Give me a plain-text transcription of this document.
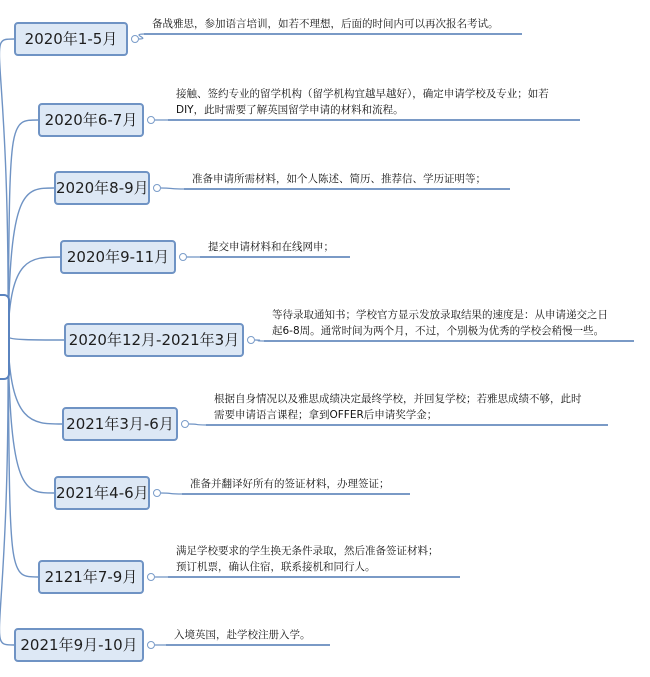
2020年1-5月
备战雅思，参加语言培训，如若不理想，后面的时间内可以再次报名考试。
2020年6-7月
接触、签约专业的留学机构（留学机构宜越早越好），确定申请学校及专业；如若
DIY，此时需要了解英国留学申请的材料和流程。
2020年8-9月	准备申请所需材料，如个人陈述、简历、推荐信、学历证明等；
2020年9-11月
提交申请材料和在线网申；
2020年12月-2021年3月
等待录取通知书；学校官方显示发放录取结果的速度是：从申请递交之日
起6-8周。通常时间为两个月，不过，个别极为优秀的学校会稍慢一些。
2021年3月-6月
根据自身情况以及雅思成绩决定最终学校，并回复学校；若雅思成绩不够，此时
需要申请语言课程；拿到OFFER后申请奖学金；
2021年4-6月	准备并翻译好所有的签证材料，办理签证；
2121年7-9月
满足学校要求的学生换无条件录取，然后准备签证材料；
预订机票，确认住宿，联系接机和同行人。
2021年9月-10月
入境英国，赴学校注册入学。
